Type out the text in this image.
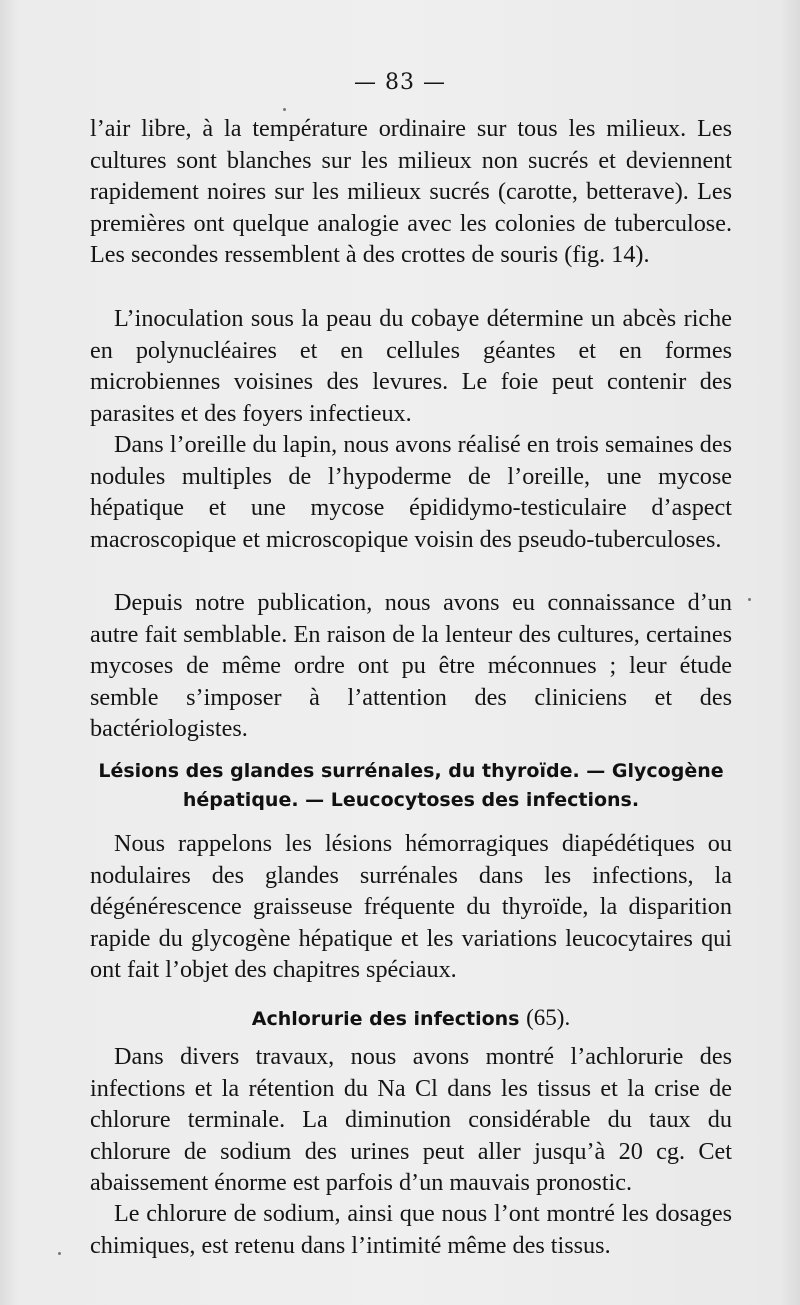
— 83 —

l’air libre, à la température ordinaire sur tous les milieux. Les cultures sont blanches sur les milieux non sucrés et deviennent rapidement noires sur les milieux sucrés (carotte, betterave). Les premières ont quelque analogie avec les colonies de tuberculose. Les secondes ressemblent à des crottes de souris (fig. 14).

L’inoculation sous la peau du cobaye détermine un abcès riche en polynucléaires et en cellules géantes et en formes microbiennes voisines des levures. Le foie peut contenir des parasites et des foyers infectieux.

Dans l’oreille du lapin, nous avons réalisé en trois semaines des nodules multiples de l’hypoderme de l’oreille, une mycose hépatique et une mycose épididymo-testiculaire d’aspect macroscopique et microscopique voisin des pseudo-tuberculoses.

Depuis notre publication, nous avons eu connaissance d’un autre fait semblable. En raison de la lenteur des cultures, certaines mycoses de même ordre ont pu être méconnues ; leur étude semble s’imposer à l’attention des cliniciens et des bactériologistes.

Nous rappelons les lésions hémorragiques diapédétiques ou nodulaires des glandes surrénales dans les infections, la dégénérescence graisseuse fréquente du thyroïde, la disparition rapide du glycogène hépatique et les variations leucocytaires qui ont fait l’objet des chapitres spéciaux.

Dans divers travaux, nous avons montré l’achlorurie des infections et la rétention du Na Cl dans les tissus et la crise de chlorure terminale. La diminution considérable du taux du chlorure de sodium des urines peut aller jusqu’à 20 cg. Cet abaissement énorme est parfois d’un mauvais pronostic.

Le chlorure de sodium, ainsi que nous l’ont montré les dosages chimiques, est retenu dans l’intimité même des tissus.

Lésions des glandes surrénales, du thyroïde. — Glycogène

hépatique. — Leucocytoses des infections.

Achlorurie des infections (65).
